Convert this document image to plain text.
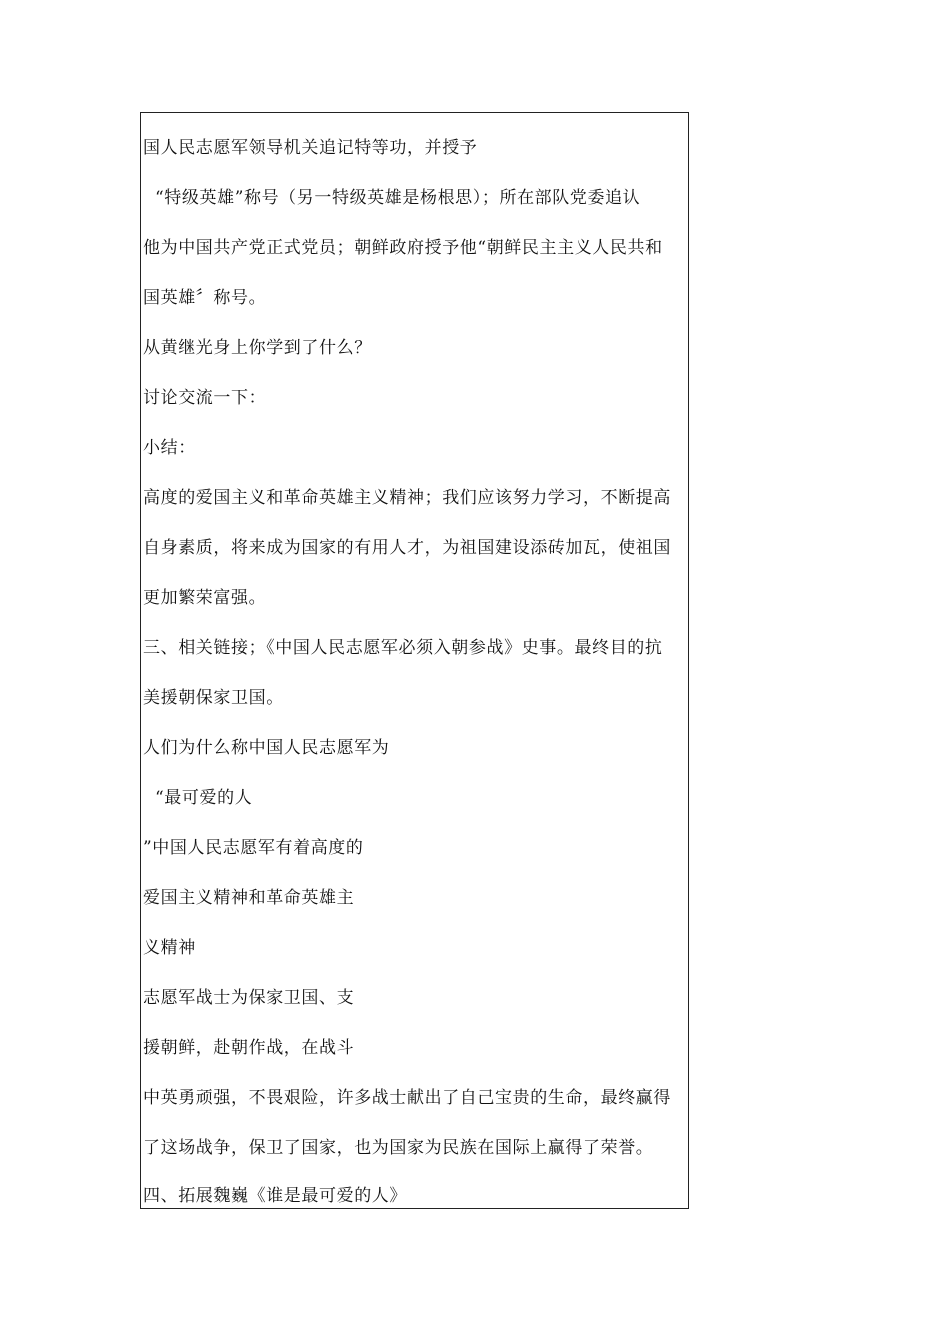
国人民志愿军领导机关追记特等功，并授予
“特级英雄”称号（另一特级英雄是杨根思）；所在部队党委追认
他为中国共产党正式党员；朝鲜政府授予他“朝鲜民主主义人民共和
国英雄〞称号。
从黄继光身上你学到了什么？
讨论交流一下：
小结：
高度的爱国主义和革命英雄主义精神；我们应该努力学习，不断提高
自身素质，将来成为国家的有用人才，为祖国建设添砖加瓦，使祖国
更加繁荣富强。
三、相关链接；《中国人民志愿军必须入朝参战》史事。最终目的抗
美援朝保家卫国。
人们为什么称中国人民志愿军为
“最可爱的人
”中国人民志愿军有着高度的
爱国主义精神和革命英雄主
义精神
志愿军战士为保家卫国、支
援朝鲜，赴朝作战，在战斗
中英勇顽强，不畏艰险，许多战士献出了自己宝贵的生命，最终赢得
了这场战争，保卫了国家，也为国家为民族在国际上赢得了荣誉。
四、拓展魏巍《谁是最可爱的人》
